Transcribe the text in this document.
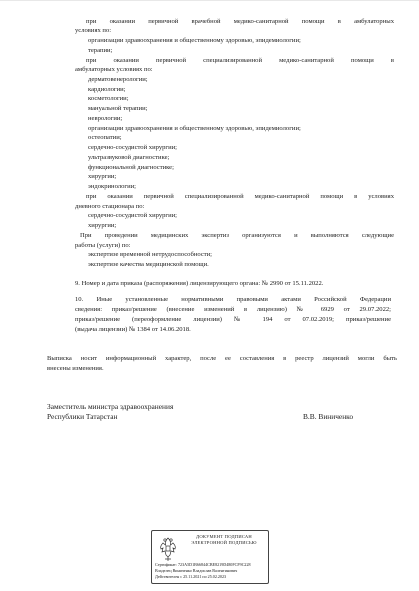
при оказании первичной врачебной медико-санитарной помощи в амбулаторных
условиях по:
организации здравоохранения и общественному здоровью, эпидемиологии;
терапии;
при оказании первичной специализированной медико-санитарной помощи в
амбулаторных условиях по:
дерматовенерологии;
кардиологии;
косметологии;
мануальной терапии;
неврологии;
организации здравоохранения и общественному здоровью, эпидемиологии;
остеопатии;
сердечно-сосудистой хирургии;
ультразвуковой диагностике;
функциональной диагностике;
хирургии;
эндокринологии;
при оказании первичной специализированной медико-санитарной помощи в условиях
дневного стационара по:
сердечно-сосудистой хирургии;
хирургии;
При проведении медицинских экспертиз организуются и выполняются следующие
работы (услуги) по:
экспертизе временной нетрудоспособности;
экспертизе качества медицинской помощи.
9. Номер и дата приказа (распоряжения) лицензирующего органа: № 2990 от 15.11.2022.
10. Иные установленные нормативными правовыми актами Российской Федерации
сведения: приказ/решение (внесение изменений в лицензию) № 6929 от 29.07.2022;
приказ/решение (переоформление лицензии) № 194 от 07.02.2019; приказ/решение
(выдача лицензии) № 1384 от 14.06.2018.
Выписка носит информационный характер, после ее составления в реестр лицензий могли быть
внесены изменения.
Заместитель министра здравоохранения
Республики Татарстан	В.В. Виниченко
ДОКУМЕНТ ПОДПИСАН
ЭЛЕКТРОННОЙ ПОДПИСЬЮ
Сертификат: 723A5D1B66844CBE8219D480FCF9C228
Владелец Виниченко Владислав Валентинович
Действителен с 25.11.2021 по 25.02.2023
